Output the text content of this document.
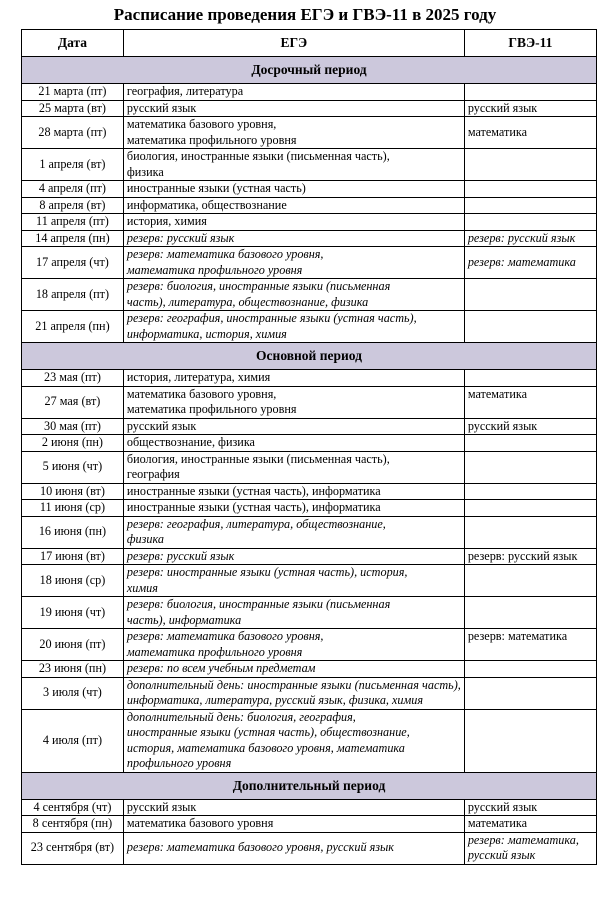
Расписание проведения ЕГЭ и ГВЭ-11 в 2025 году
Дата	ЕГЭ	ГВЭ-11
Досрочный период		
21 марта (пт)	география, литература	
25 марта (вт)	русский язык	русский язык
28 марта (пт)	математика базового уровня,
математика профильного уровня	математика
1 апреля (вт)	биология, иностранные языки (письменная часть),
физика	
4 апреля (пт)	иностранные языки (устная часть)	
8 апреля (вт)	информатика, обществознание	
11 апреля (пт)	история, химия	
14 апреля (пн)	резерв: русский язык	резерв: русский язык
17 апреля (чт)	резерв: математика базового уровня,
математика профильного уровня	резерв: математика
18 апреля (пт)	резерв: биология, иностранные языки (письменная
часть), литература, обществознание, физика	
21 апреля (пн)	резерв: география, иностранные языки (устная часть),
информатика, история, химия	
Основной период		
23 мая (пт)	история, литература, химия	
27 мая (вт)	математика базового уровня,
математика профильного уровня	математика
30 мая (пт)	русский язык	русский язык
2 июня (пн)	обществознание, физика	
5 июня (чт)	биология, иностранные языки (письменная часть),
география	
10 июня (вт)	иностранные языки (устная часть), информатика	
11 июня (ср)	иностранные языки (устная часть), информатика	
16 июня (пн)	резерв: география, литература, обществознание,
физика	
17 июня (вт)	резерв: русский язык	резерв: русский язык
18 июня (ср)	резерв: иностранные языки (устная часть), история,
химия	
19 июня (чт)	резерв: биология, иностранные языки (письменная
часть), информатика	
20 июня (пт)	резерв: математика базового уровня,
математика профильного уровня	резерв: математика
23 июня (пн)	резерв: по всем учебным предметам	
3 июля (чт)	дополнительный день: иностранные языки (письменная часть), информатика, литература, русский язык, физика, химия	
4 июля (пт)	дополнительный день: биология, география,
иностранные языки (устная часть), обществознание,
история, математика базового уровня, математика
профильного уровня	
Дополнительный период		
4 сентября (чт)	русский язык	русский язык
8 сентября (пн)	математика базового уровня	математика
23 сентября (вт)	резерв: математика базового уровня, русский язык	резерв: математика,
русский язык
